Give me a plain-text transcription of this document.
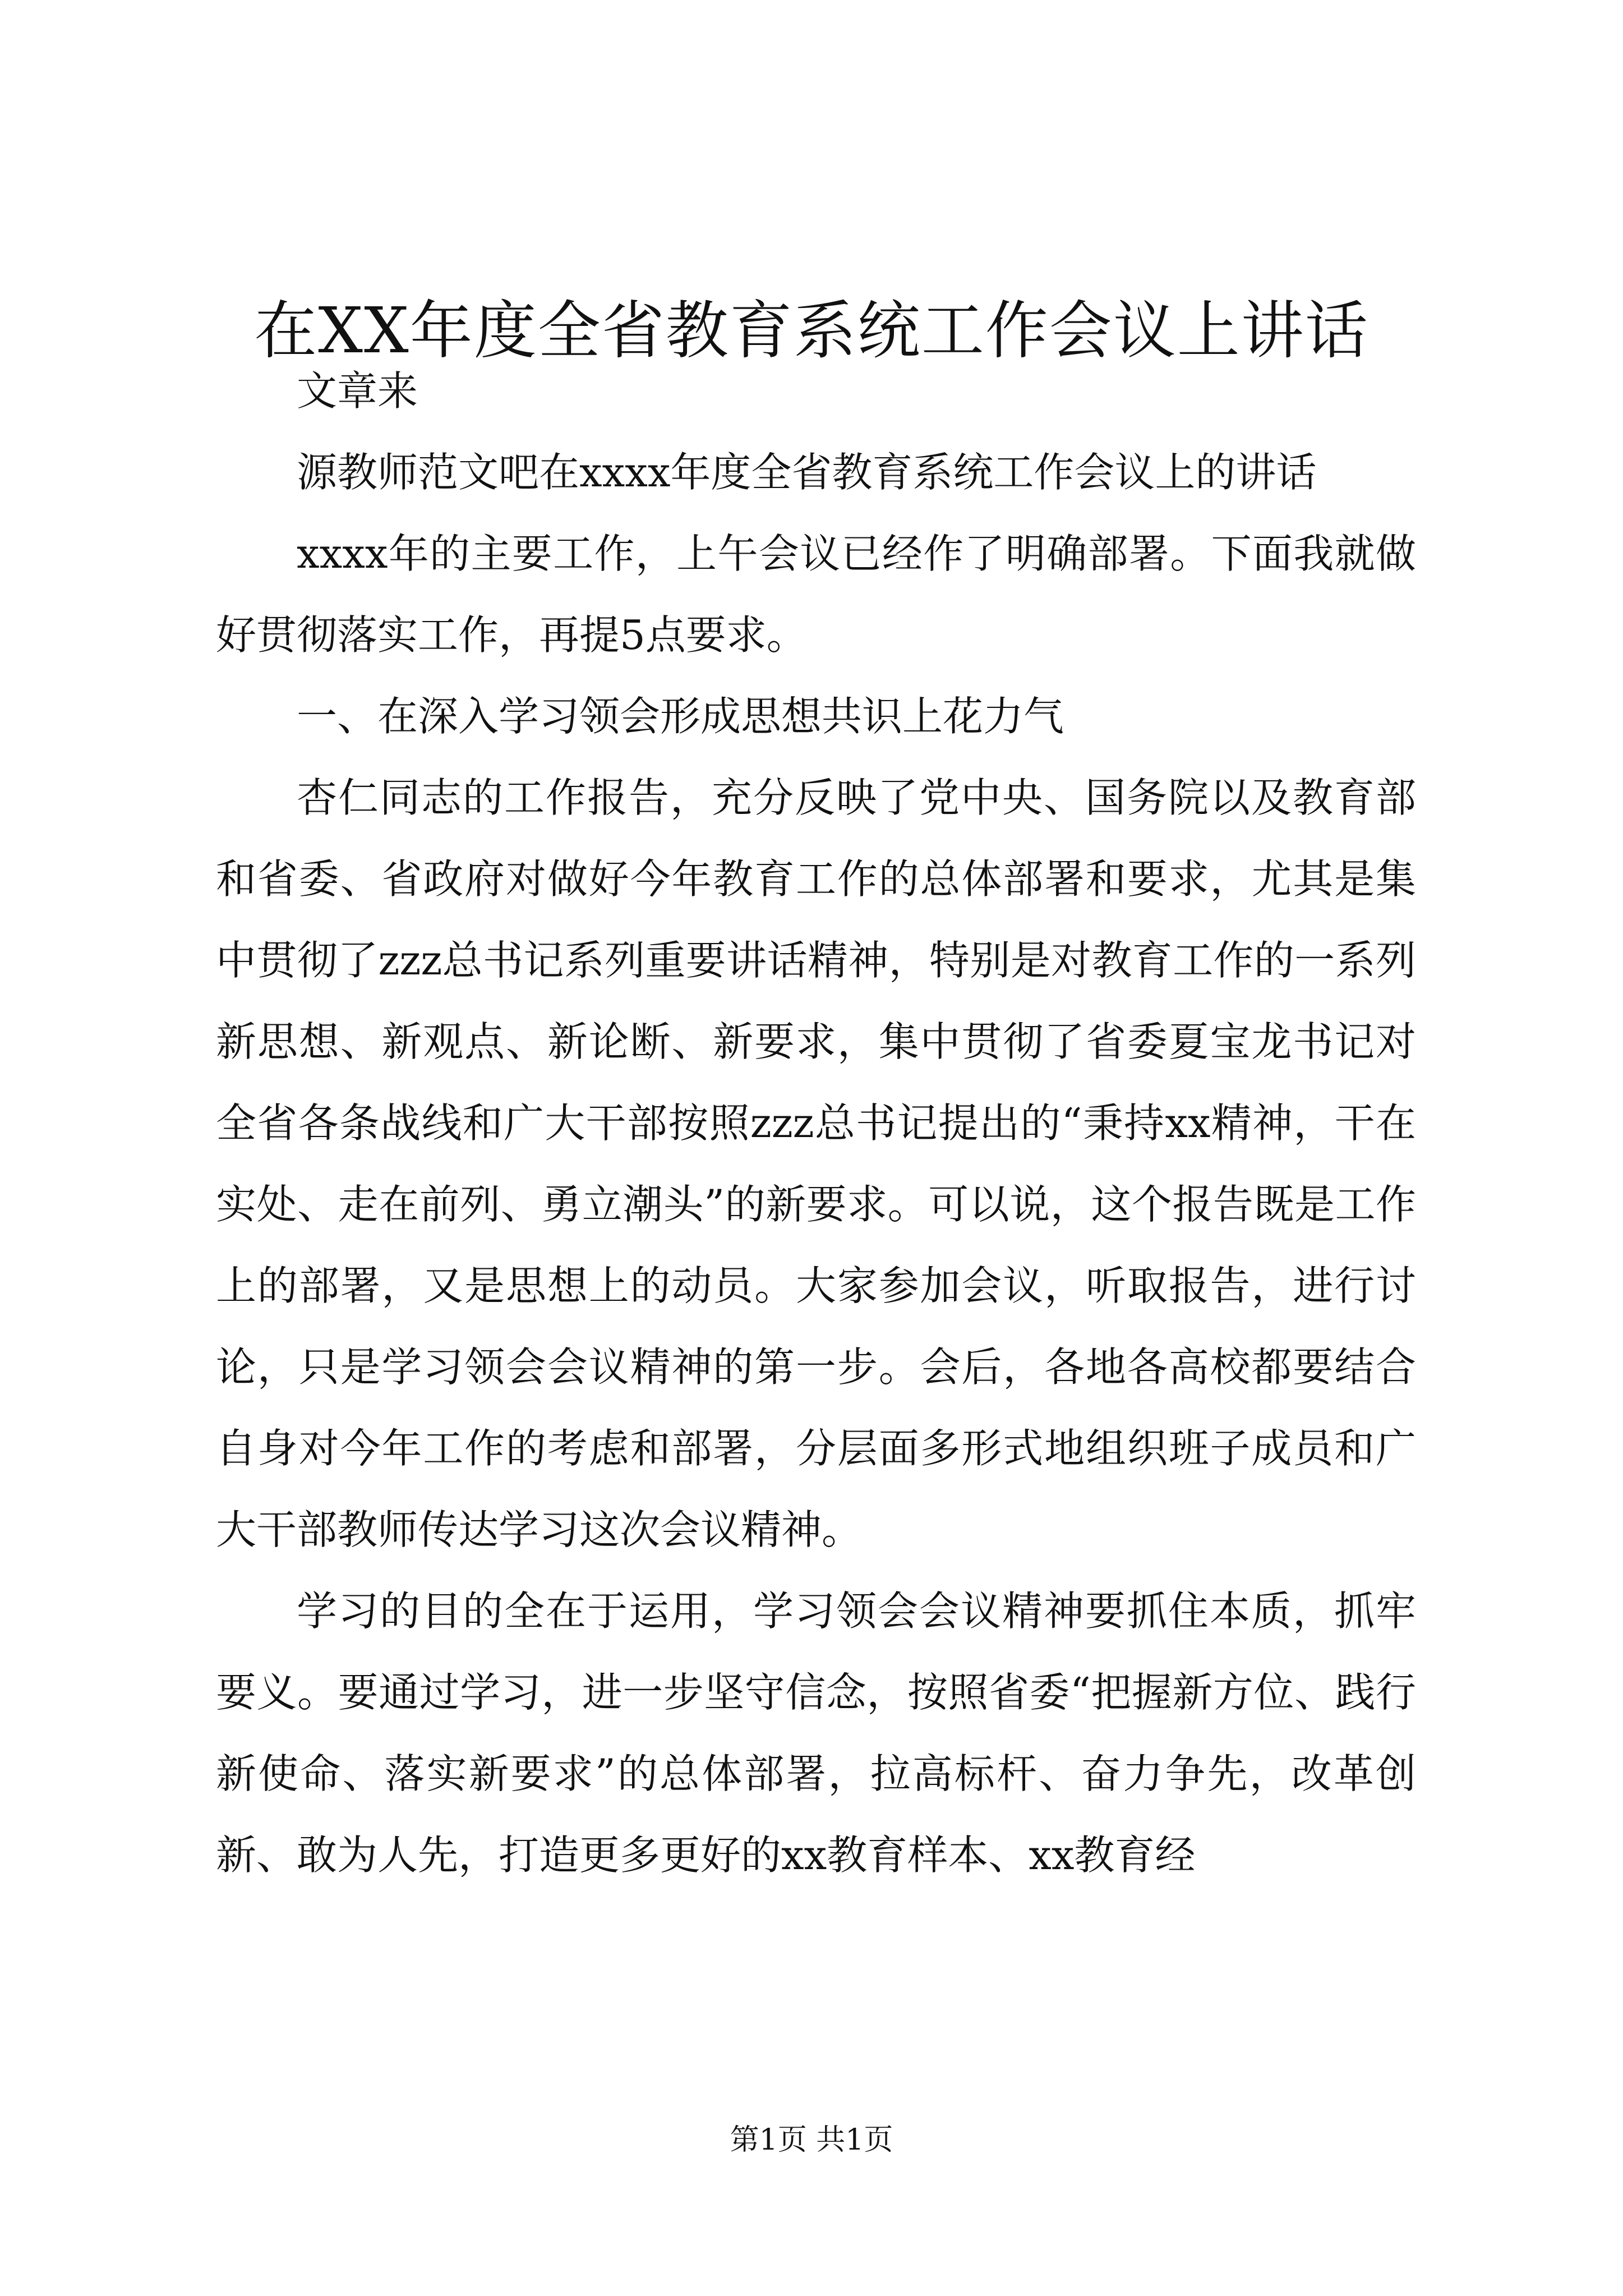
在XX年度全省教育系统工作会议上讲话

文章来

源教师范文吧在xxxx年度全省教育系统工作会议上的讲话

xxxx年的主要工作，上午会议已经作了明确部署。下面我就做好贯彻落实工作，再提5点要求。

一、在深入学习领会形成思想共识上花力气

杏仁同志的工作报告，充分反映了党中央、国务院以及教育部和省委、省政府对做好今年教育工作的总体部署和要求，尤其是集中贯彻了zzz总书记系列重要讲话精神，特别是对教育工作的一系列新思想、新观点、新论断、新要求，集中贯彻了省委夏宝龙书记对全省各条战线和广大干部按照zzz总书记提出的“秉持xx精神，干在实处、走在前列、勇立潮头”的新要求。可以说，这个报告既是工作上的部署，又是思想上的动员。大家参加会议，听取报告，进行讨论，只是学习领会会议精神的第一步。会后，各地各高校都要结合自身对今年工作的考虑和部署，分层面多形式地组织班子成员和广大干部教师传达学习这次会议精神。

学习的目的全在于运用，学习领会会议精神要抓住本质，抓牢要义。要通过学习，进一步坚守信念，按照省委“把握新方位、践行新使命、落实新要求”的总体部署，拉高标杆、奋力争先，改革创新、敢为人先，打造更多更好的xx教育样本、xx教育经

第1页 共1页
